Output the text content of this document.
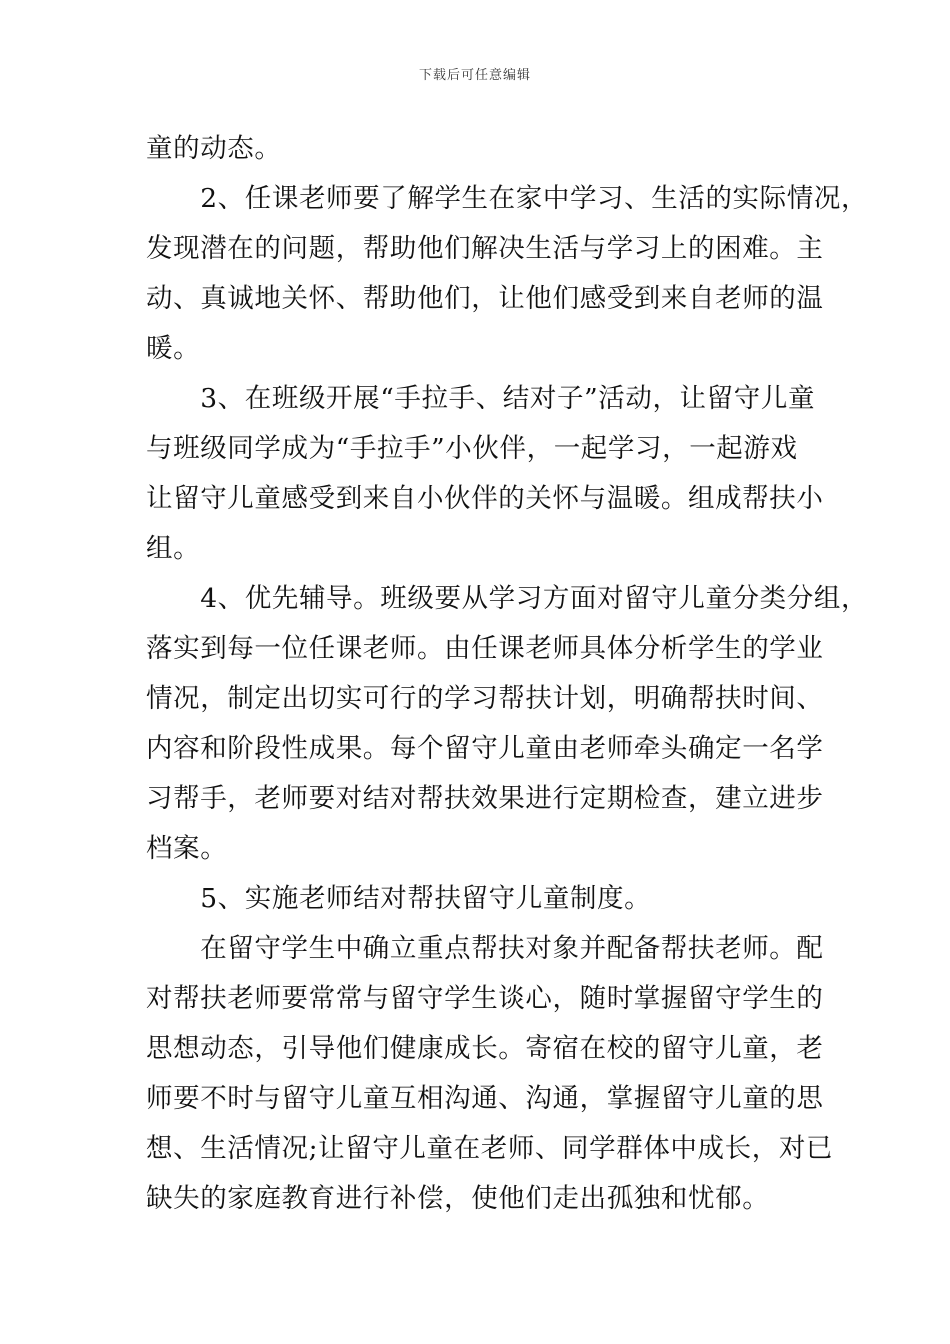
下载后可任意编辑
童的动态。
　　2、任课老师要了解学生在家中学习、生活的实际情况，
发现潜在的问题，帮助他们解决生活与学习上的困难。主
动、真诚地关怀、帮助他们，让他们感受到来自老师的温
暖。
　　3、在班级开展“手拉手、结对子”活动，让留守儿童
与班级同学成为“手拉手”小伙伴，一起学习，一起游戏
让留守儿童感受到来自小伙伴的关怀与温暖。组成帮扶小
组。
　　4、优先辅导。班级要从学习方面对留守儿童分类分组，
落实到每一位任课老师。由任课老师具体分析学生的学业
情况，制定出切实可行的学习帮扶计划，明确帮扶时间、
内容和阶段性成果。每个留守儿童由老师牵头确定一名学
习帮手，老师要对结对帮扶效果进行定期检查，建立进步
档案。
　　5、实施老师结对帮扶留守儿童制度。
　　在留守学生中确立重点帮扶对象并配备帮扶老师。配
对帮扶老师要常常与留守学生谈心，随时掌握留守学生的
思想动态，引导他们健康成长。寄宿在校的留守儿童，老
师要不时与留守儿童互相沟通、沟通，掌握留守儿童的思
想、生活情况;让留守儿童在老师、同学群体中成长，对已
缺失的家庭教育进行补偿，使他们走出孤独和忧郁。
